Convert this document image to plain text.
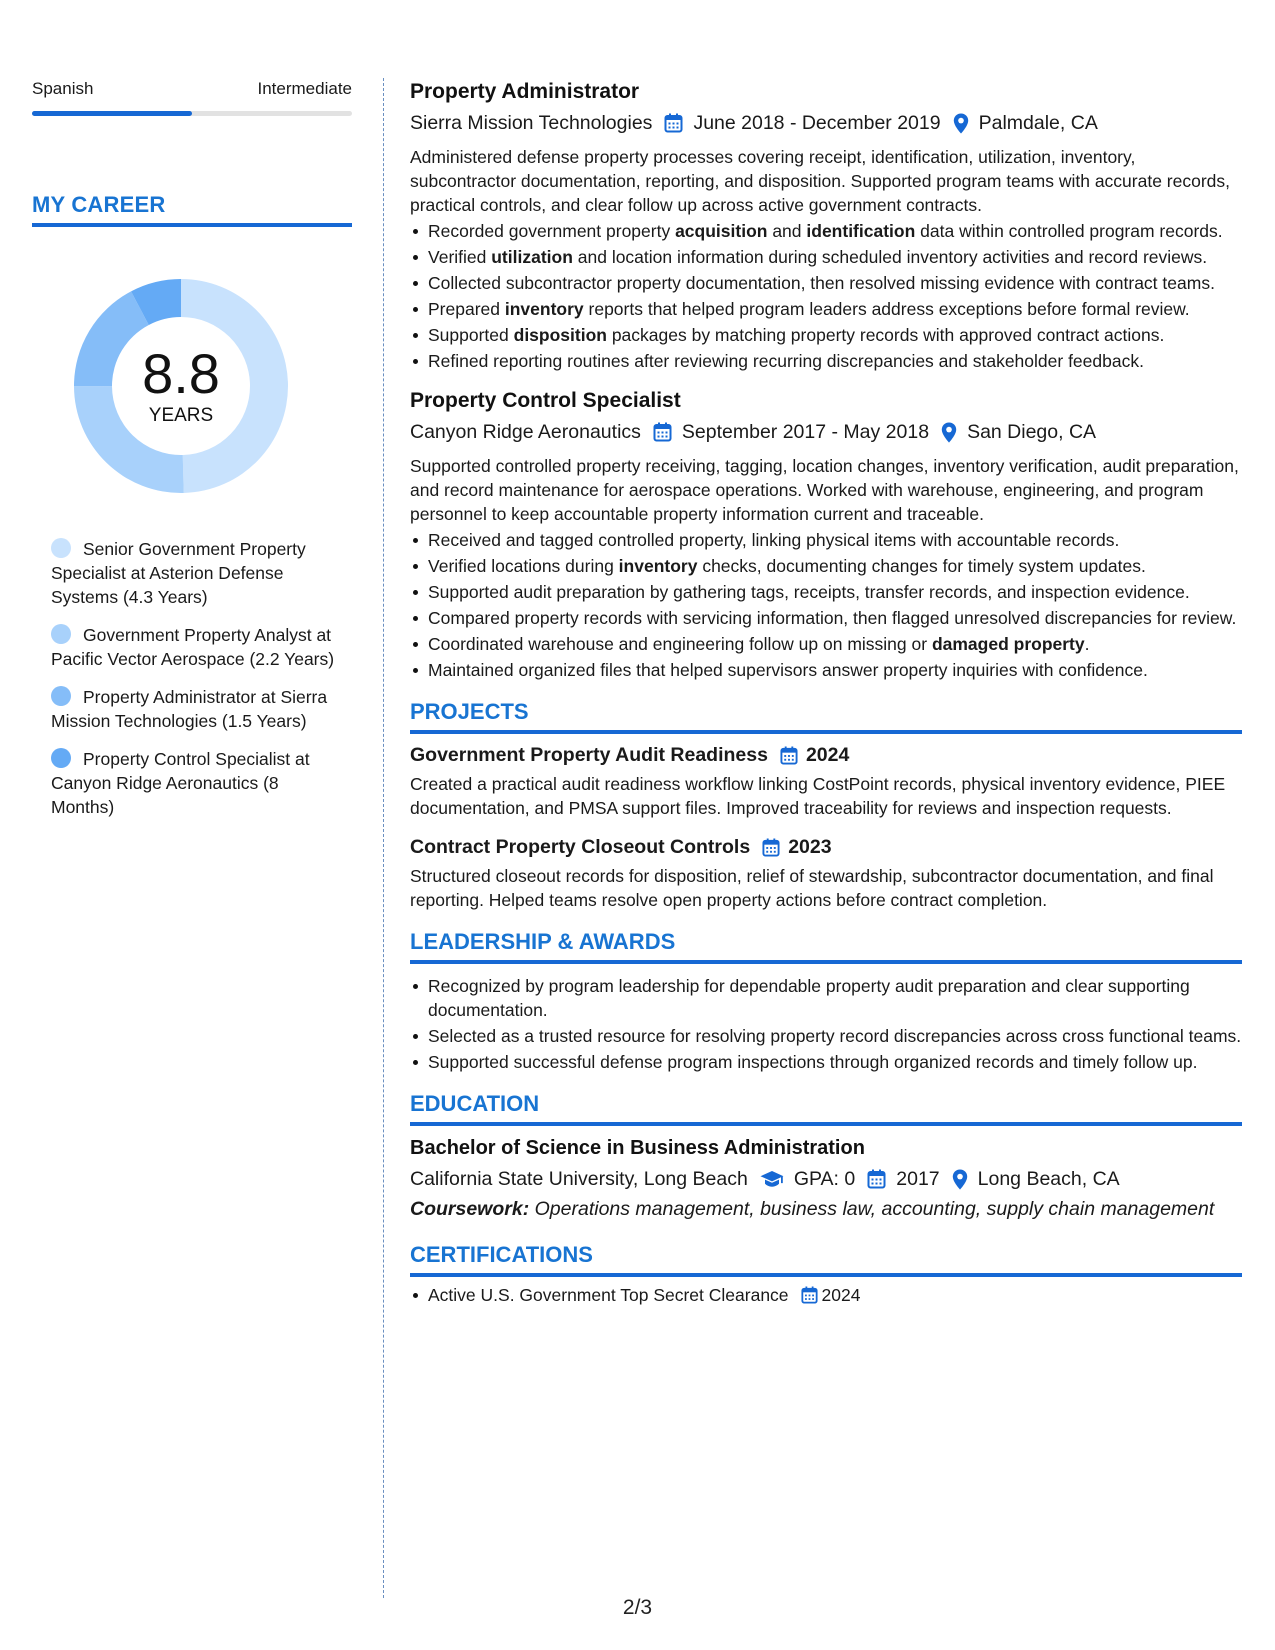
Spanish	Intermediate
MY CAREER
8.8
YEARS
Senior Government Property Specialist at Asterion Defense Systems (4.3 Years)
Government Property Analyst at Pacific Vector Aerospace (2.2 Years)
Property Administrator at Sierra Mission Technologies (1.5 Years)
Property Control Specialist at Canyon Ridge Aeronautics (8 Months)
Property Administrator
Sierra Mission Technologies June 2018 - December 2019 Palmdale, CA
Administered defense property processes covering receipt, identification, utilization, inventory, subcontractor documentation, reporting, and disposition. Supported program teams with accurate records, practical controls, and clear follow up across active government contracts.
Recorded government property acquisition and identification data within controlled program records.
Verified utilization and location information during scheduled inventory activities and record reviews.
Collected subcontractor property documentation, then resolved missing evidence with contract teams.
Prepared inventory reports that helped program leaders address exceptions before formal review.
Supported disposition packages by matching property records with approved contract actions.
Refined reporting routines after reviewing recurring discrepancies and stakeholder feedback.
Property Control Specialist
Canyon Ridge Aeronautics September 2017 - May 2018 San Diego, CA
Supported controlled property receiving, tagging, location changes, inventory verification, audit preparation, and record maintenance for aerospace operations. Worked with warehouse, engineering, and program personnel to keep accountable property information current and traceable.
Received and tagged controlled property, linking physical items with accountable records.
Verified locations during inventory checks, documenting changes for timely system updates.
Supported audit preparation by gathering tags, receipts, transfer records, and inspection evidence.
Compared property records with servicing information, then flagged unresolved discrepancies for review.
Coordinated warehouse and engineering follow up on missing or damaged property.
Maintained organized files that helped supervisors answer property inquiries with confidence.
PROJECTS
Government Property Audit Readiness 2024
Created a practical audit readiness workflow linking CostPoint records, physical inventory evidence, PIEE documentation, and PMSA support files. Improved traceability for reviews and inspection requests.
Contract Property Closeout Controls 2023
Structured closeout records for disposition, relief of stewardship, subcontractor documentation, and final reporting. Helped teams resolve open property actions before contract completion.
LEADERSHIP & AWARDS
Recognized by program leadership for dependable property audit preparation and clear supporting documentation.
Selected as a trusted resource for resolving property record discrepancies across cross functional teams.
Supported successful defense program inspections through organized records and timely follow up.
EDUCATION
Bachelor of Science in Business Administration
California State University, Long Beach GPA: 0 2017 Long Beach, CA
Coursework: Operations management, business law, accounting, supply chain management
CERTIFICATIONS
Active U.S. Government Top Secret Clearance 2024
2/3
